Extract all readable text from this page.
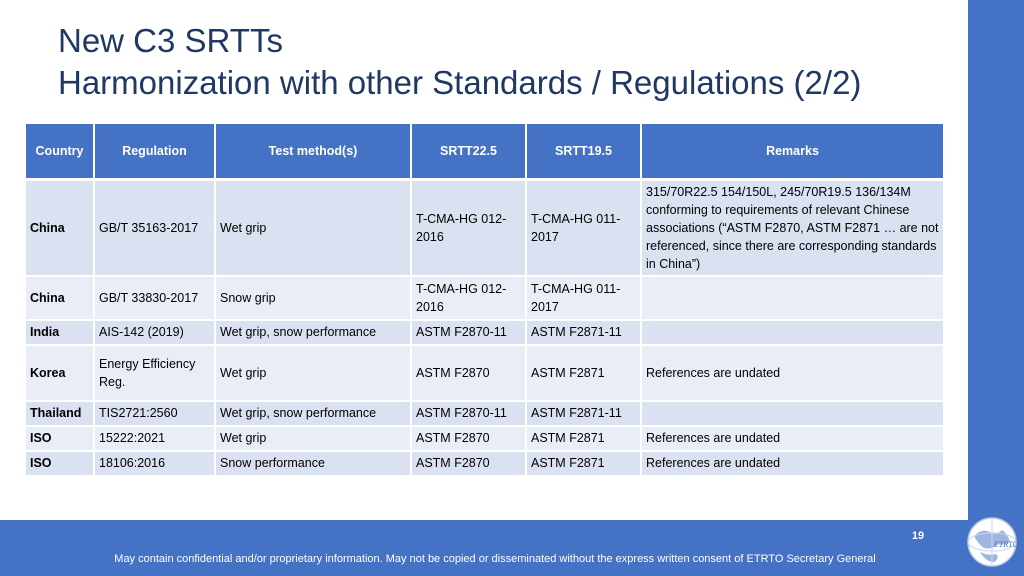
New C3 SRTTs
Harmonization with other Standards / Regulations (2/2)
Country	Regulation	Test method(s)	SRTT22.5	SRTT19.5	Remarks
China	GB/T 35163-2017	Wet grip	T-CMA-HG 012-2016	T-CMA-HG 011-2017	315/70R22.5 154/150L, 245/70R19.5 136/134M conforming to requirements of relevant Chinese associations (“ASTM F2870, ASTM F2871 … are not referenced, since there are corresponding standards in China”)
China	GB/T 33830-2017	Snow grip	T-CMA-HG 012-2016	T-CMA-HG 011-2017	
India	AIS-142 (2019)	Wet grip, snow performance	ASTM F2870-11	ASTM F2871-11	
Korea	Energy Efficiency Reg.	Wet grip	ASTM F2870	ASTM F2871	References are undated
Thailand	TIS2721:2560	Wet grip, snow performance	ASTM F2870-11	ASTM F2871-11	
ISO	15222:2021	Wet grip	ASTM F2870	ASTM F2871	References are undated
ISO	18106:2016	Snow performance	ASTM F2870	ASTM F2871	References are undated
19
May contain confidential and/or proprietary information. May not be copied or disseminated without the express written consent of ETRTO Secretary General
ETRTO
